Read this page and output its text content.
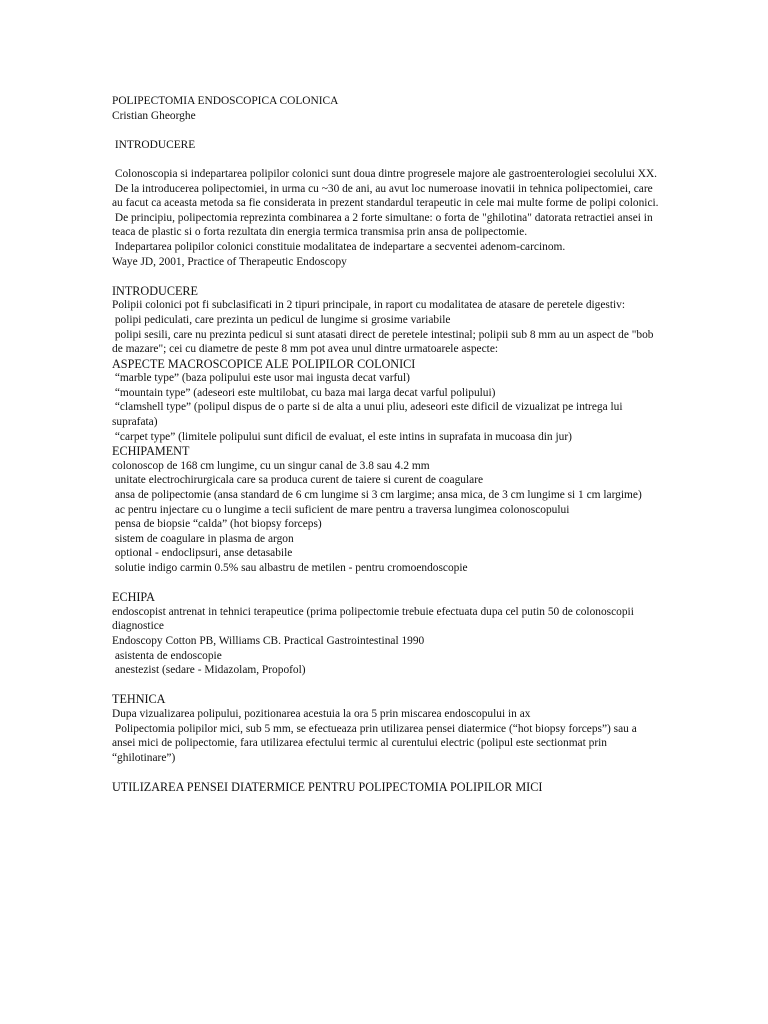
POLIPECTOMIA ENDOSCOPICA COLONICA
Cristian Gheorghe
INTRODUCERE
Colonoscopia si indepartarea polipilor colonici sunt doua dintre progresele majore ale gastroenterologiei secolului XX.
De la introducerea polipectomiei, in urma cu ~30 de ani, au avut loc numeroase inovatii in tehnica polipectomiei, care au facut ca aceasta metoda sa fie considerata in prezent standardul terapeutic in cele mai multe forme de polipi colonici.
De principiu, polipectomia reprezinta combinarea a 2 forte simultane: o forta de "ghilotina" datorata retractiei ansei in teaca de plastic si o forta rezultata din energia termica transmisa prin ansa de polipectomie.
Indepartarea polipilor colonici constituie modalitatea de indepartare a secventei adenom-carcinom.
Waye JD, 2001, Practice of Therapeutic Endoscopy
INTRODUCERE
Polipii colonici pot fi subclasificati in 2 tipuri principale, in raport cu modalitatea de atasare de peretele digestiv:
polipi pediculati, care prezinta un pedicul de lungime si grosime variabile
polipi sesili, care nu prezinta pedicul si sunt atasati direct de peretele intestinal; polipii sub 8 mm au un aspect de "bob de mazare"; cei cu diametre de peste 8 mm pot avea unul dintre urmatoarele aspecte:
ASPECTE MACROSCOPICE ALE POLIPILOR COLONICI
“marble type” (baza polipului este usor mai ingusta decat varful)
“mountain type” (adeseori este multilobat, cu baza mai larga decat varful polipului)
“clamshell type” (polipul dispus de o parte si de alta a unui pliu, adeseori este dificil de vizualizat pe intrega lui suprafata)
“carpet type” (limitele polipului sunt dificil de evaluat, el este intins in suprafata in mucoasa din jur)
ECHIPAMENT
colonoscop de 168 cm lungime, cu un singur canal de 3.8 sau 4.2 mm
unitate electrochirurgicala care sa produca curent de taiere si curent de coagulare
ansa de polipectomie (ansa standard de 6 cm lungime si 3 cm largime; ansa mica, de 3 cm lungime si 1 cm largime)
ac pentru injectare cu o lungime a tecii suficient de mare pentru a traversa lungimea colonoscopului
pensa de biopsie “calda” (hot biopsy forceps)
sistem de coagulare in plasma de argon
optional - endoclipsuri, anse detasabile
solutie indigo carmin 0.5% sau albastru de metilen - pentru cromoendoscopie
ECHIPA
endoscopist antrenat in tehnici terapeutice (prima polipectomie trebuie efectuata dupa cel putin 50 de colonoscopii diagnostice
Endoscopy Cotton PB, Williams CB. Practical Gastrointestinal 1990
asistenta de endoscopie
anestezist (sedare - Midazolam, Propofol)
TEHNICA
Dupa vizualizarea polipului, pozitionarea acestuia la ora 5 prin miscarea endoscopului in ax
Polipectomia polipilor mici, sub 5 mm, se efectueaza prin utilizarea pensei diatermice (“hot biopsy forceps”) sau a ansei mici de polipectomie, fara utilizarea efectului termic al curentului electric (polipul este sectionmat prin “ghilotinare”)
UTILIZAREA PENSEI DIATERMICE PENTRU POLIPECTOMIA POLIPILOR MICI
